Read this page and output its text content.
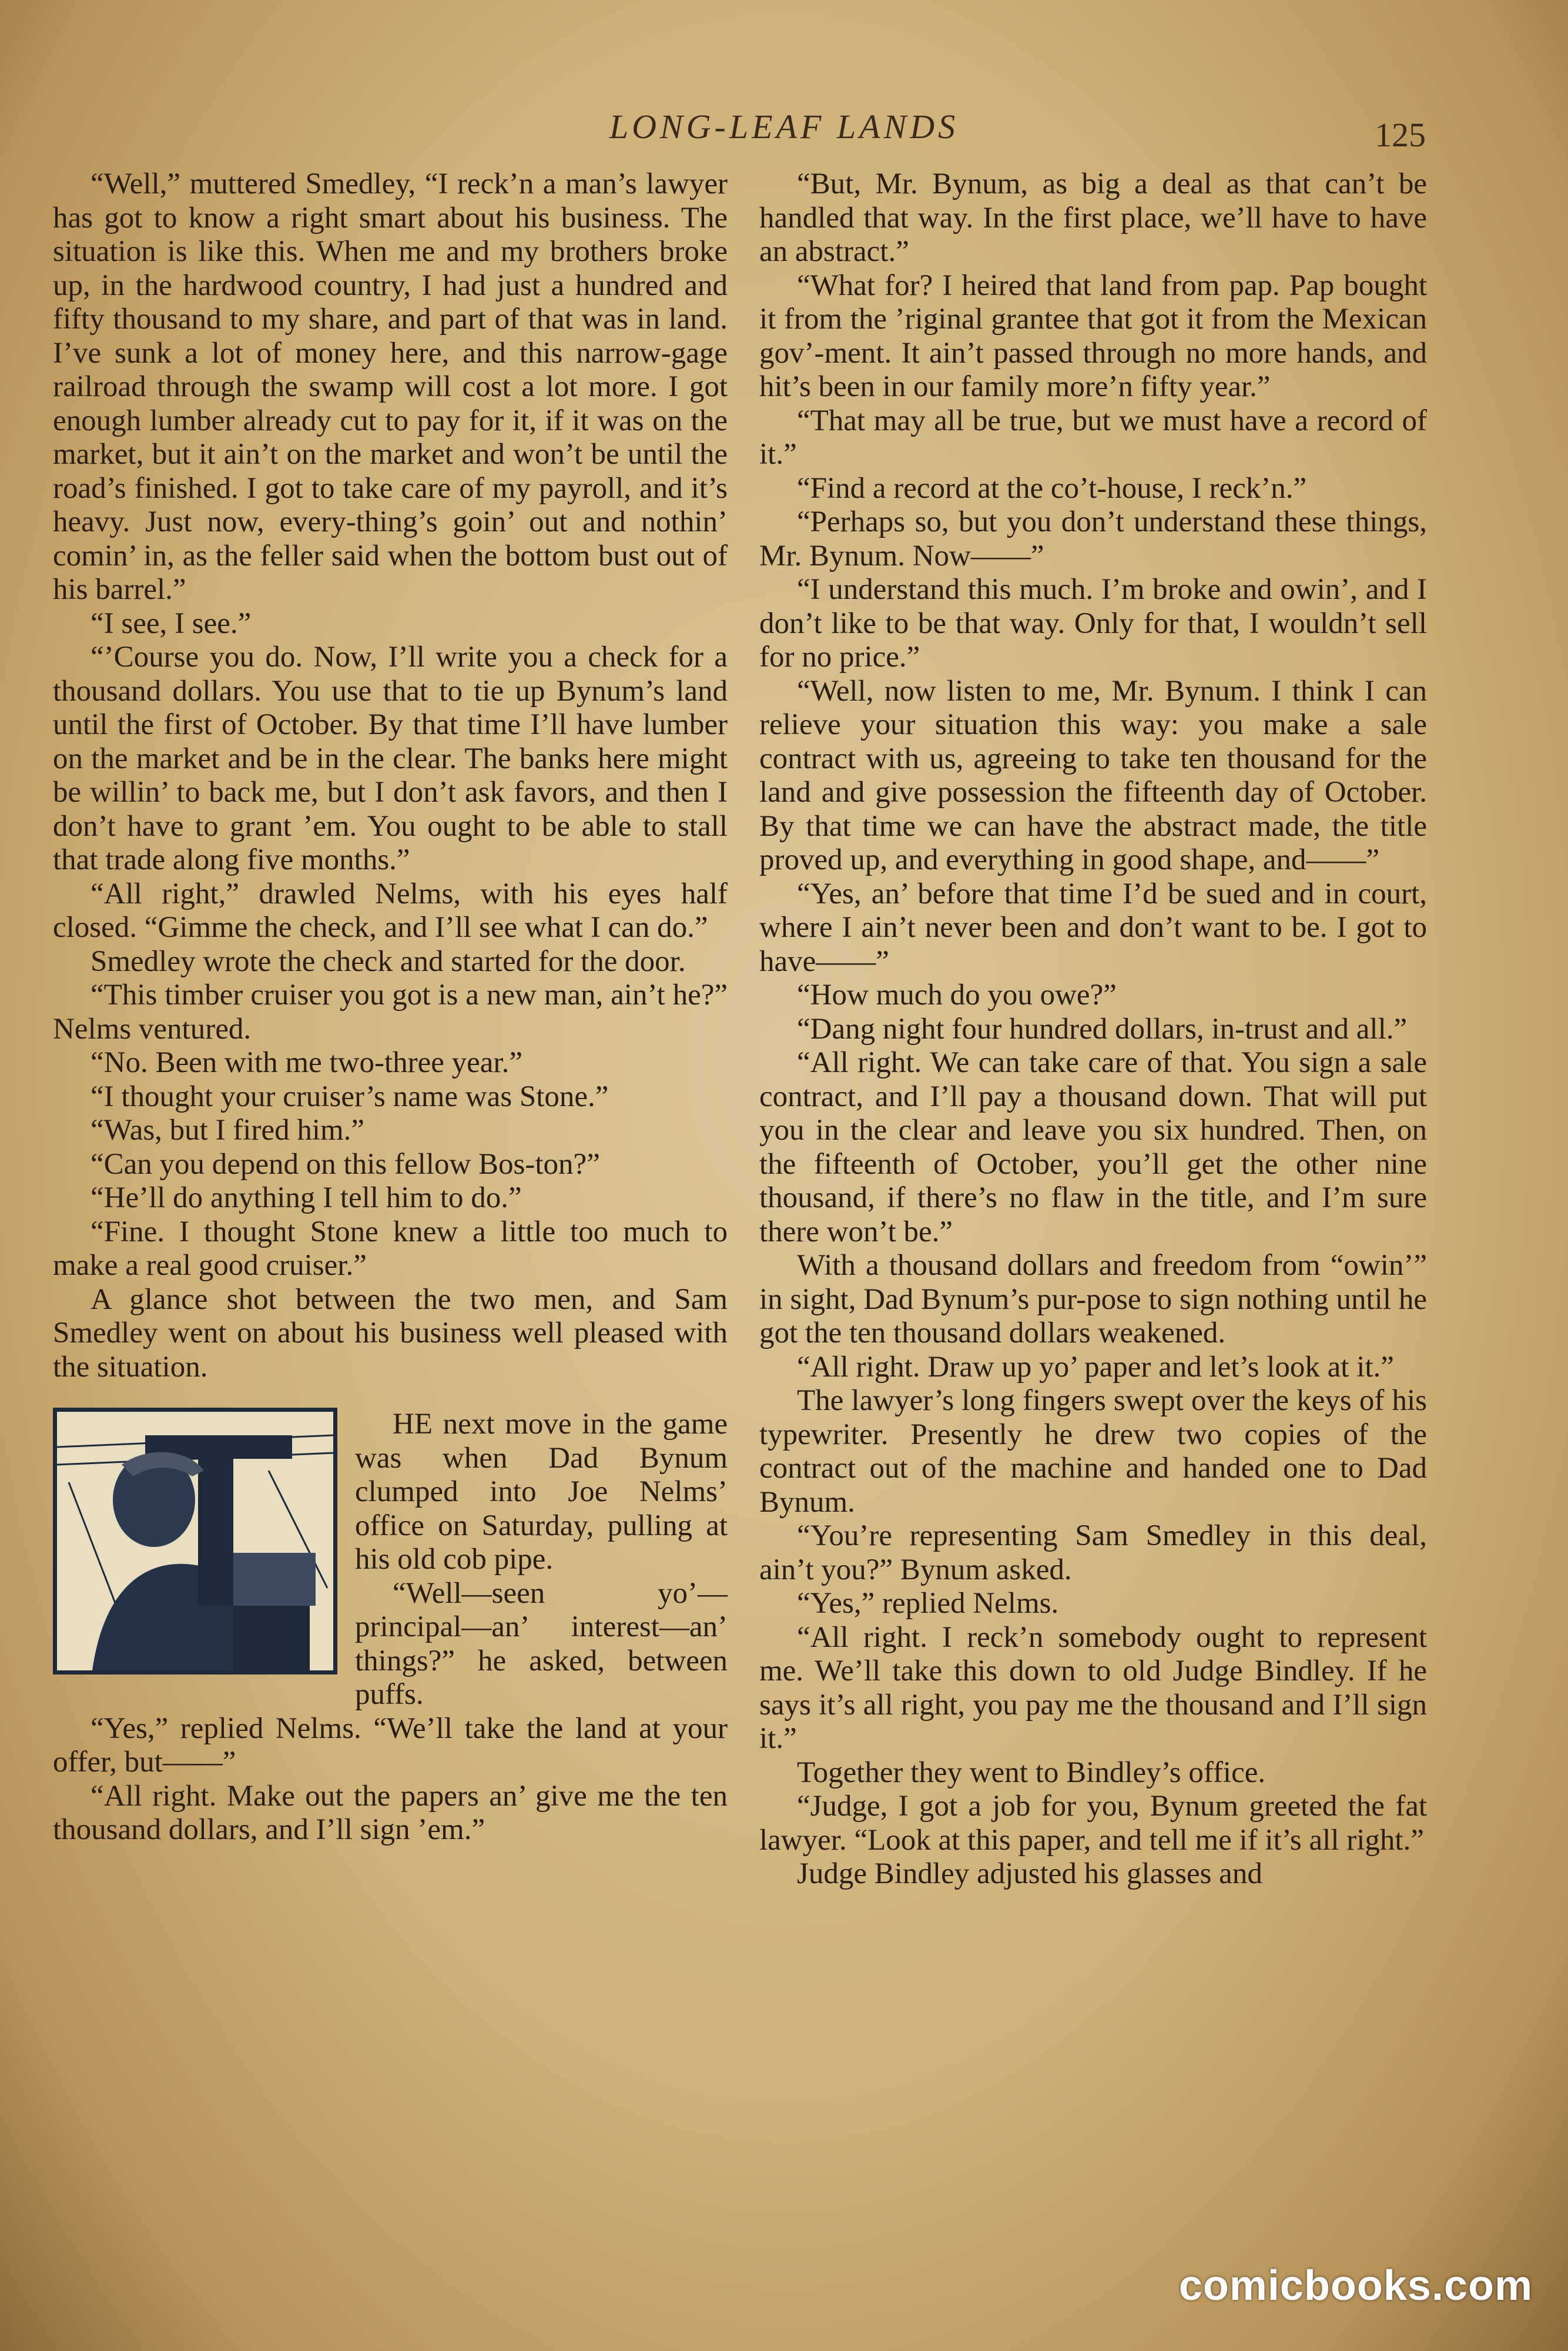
LONG-LEAF LANDS	125

“Well,” muttered Smedley, “I reck’n a man’s lawyer has got to know a right smart about his business. The situation is like this. When me and my brothers broke up, in the hardwood country, I had just a hundred and fifty thousand to my share, and part of that was in land. I’ve sunk a lot of money here, and this narrow-gage railroad through the swamp will cost a lot more. I got enough lumber already cut to pay for it, if it was on the market, but it ain’t on the market and won’t be until the road’s finished. I got to take care of my payroll, and it’s heavy. Just now, every-thing’s goin’ out and nothin’ comin’ in, as the feller said when the bottom bust out of his barrel.”

“I see, I see.”

“’Course you do. Now, I’ll write you a check for a thousand dollars. You use that to tie up Bynum’s land until the first of October. By that time I’ll have lumber on the market and be in the clear. The banks here might be willin’ to back me, but I don’t ask favors, and then I don’t have to grant ’em. You ought to be able to stall that trade along five months.”

“All right,” drawled Nelms, with his eyes half closed. “Gimme the check, and I’ll see what I can do.”

Smedley wrote the check and started for the door.

“This timber cruiser you got is a new man, ain’t he?” Nelms ventured.

“No. Been with me two-three year.”

“I thought your cruiser’s name was Stone.”

“Was, but I fired him.”

“Can you depend on this fellow Bos-ton?”

“He’ll do anything I tell him to do.”

“Fine. I thought Stone knew a little too much to make a real good cruiser.”

A glance shot between the two men, and Sam Smedley went on about his business well pleased with the situation.

HE next move in the game was when Dad Bynum clumped into Joe Nelms’ office on Saturday, pulling at his old cob pipe.

“Well—seen yo’—principal—an’ interest—an’ things?” he asked, between puffs.

“Yes,” replied Nelms. “We’ll take the land at your offer, but——”

“All right. Make out the papers an’ give me the ten thousand dollars, and I’ll sign ’em.”

“But, Mr. Bynum, as big a deal as that can’t be handled that way. In the first place, we’ll have to have an abstract.”

“What for? I heired that land from pap. Pap bought it from the ’riginal grantee that got it from the Mexican gov’-ment. It ain’t passed through no more hands, and hit’s been in our family more’n fifty year.”

“That may all be true, but we must have a record of it.”

“Find a record at the co’t-house, I reck’n.”

“Perhaps so, but you don’t understand these things, Mr. Bynum. Now——”

“I understand this much. I’m broke and owin’, and I don’t like to be that way. Only for that, I wouldn’t sell for no price.”

“Well, now listen to me, Mr. Bynum. I think I can relieve your situation this way: you make a sale contract with us, agreeing to take ten thousand for the land and give possession the fifteenth day of October. By that time we can have the abstract made, the title proved up, and everything in good shape, and——”

“Yes, an’ before that time I’d be sued and in court, where I ain’t never been and don’t want to be. I got to have——”

“How much do you owe?”

“Dang night four hundred dollars, in-trust and all.”

“All right. We can take care of that. You sign a sale contract, and I’ll pay a thousand down. That will put you in the clear and leave you six hundred. Then, on the fifteenth of October, you’ll get the other nine thousand, if there’s no flaw in the title, and I’m sure there won’t be.”

With a thousand dollars and freedom from “owin’” in sight, Dad Bynum’s pur-pose to sign nothing until he got the ten thousand dollars weakened.

“All right. Draw up yo’ paper and let’s look at it.”

The lawyer’s long fingers swept over the keys of his typewriter. Presently he drew two copies of the contract out of the machine and handed one to Dad Bynum.

“You’re representing Sam Smedley in this deal, ain’t you?” Bynum asked.

“Yes,” replied Nelms.

“All right. I reck’n somebody ought to represent me. We’ll take this down to old Judge Bindley. If he says it’s all right, you pay me the thousand and I’ll sign it.”

Together they went to Bindley’s office.

“Judge, I got a job for you, Bynum greeted the fat lawyer. “Look at this paper, and tell me if it’s all right.”

Judge Bindley adjusted his glasses and

comicbooks.com
